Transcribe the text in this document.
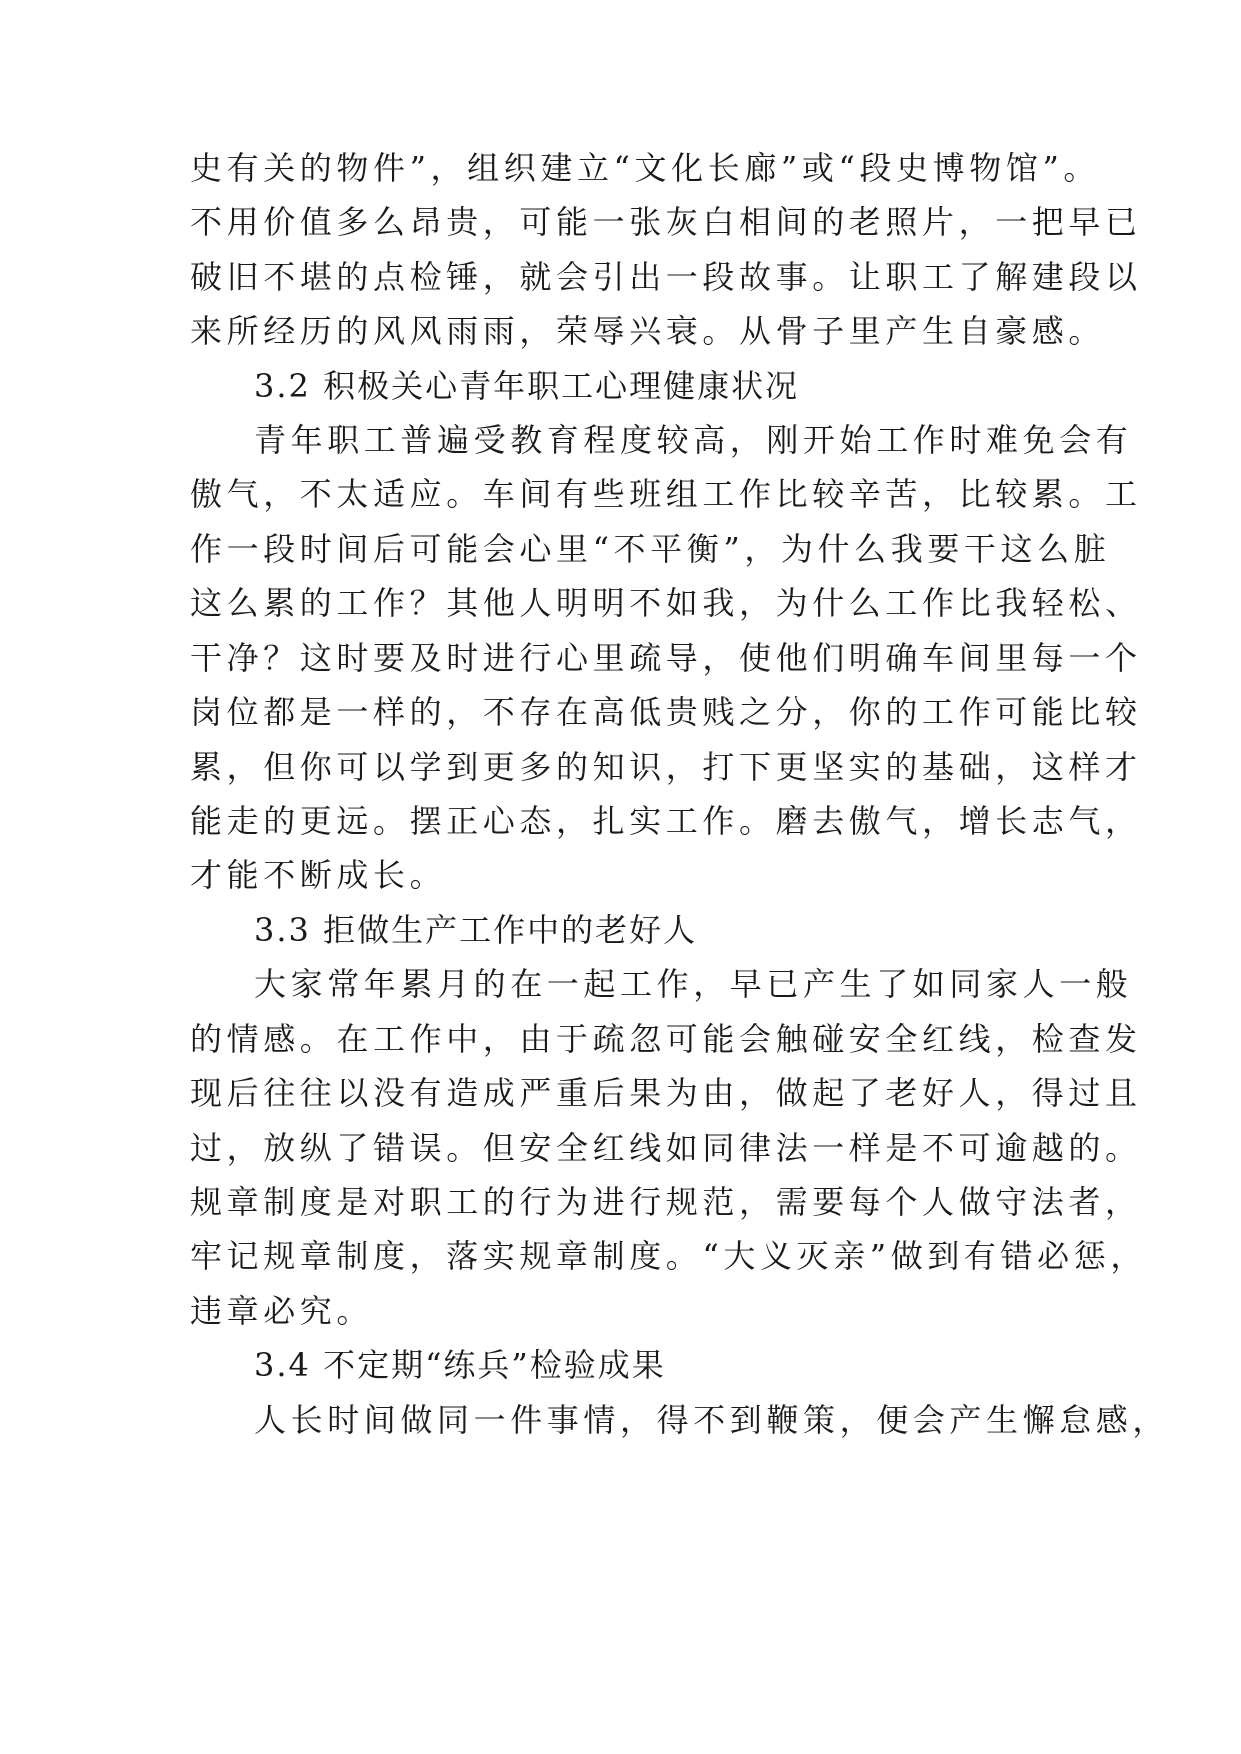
史有关的物件”，组织建立“文化长廊”或“段史博物馆”。
不用价值多么昂贵，可能一张灰白相间的老照片，一把早已
破旧不堪的点检锤，就会引出一段故事。让职工了解建段以
来所经历的风风雨雨，荣辱兴衰。从骨子里产生自豪感。
3.2 积极关心青年职工心理健康状况
青年职工普遍受教育程度较高，刚开始工作时难免会有
傲气，不太适应。车间有些班组工作比较辛苦，比较累。工
作一段时间后可能会心里“不平衡”，为什么我要干这么脏
这么累的工作？其他人明明不如我，为什么工作比我轻松、
干净？这时要及时进行心里疏导，使他们明确车间里每一个
岗位都是一样的，不存在高低贵贱之分，你的工作可能比较
累，但你可以学到更多的知识，打下更坚实的基础，这样才
能走的更远。摆正心态，扎实工作。磨去傲气，增长志气，
才能不断成长。
3.3 拒做生产工作中的老好人
大家常年累月的在一起工作，早已产生了如同家人一般
的情感。在工作中，由于疏忽可能会触碰安全红线，检查发
现后往往以没有造成严重后果为由，做起了老好人，得过且
过，放纵了错误。但安全红线如同律法一样是不可逾越的。
规章制度是对职工的行为进行规范，需要每个人做守法者，
牢记规章制度，落实规章制度。“大义灭亲”做到有错必惩，
违章必究。
3.4 不定期“练兵”检验成果
人长时间做同一件事情，得不到鞭策，便会产生懈怠感，
